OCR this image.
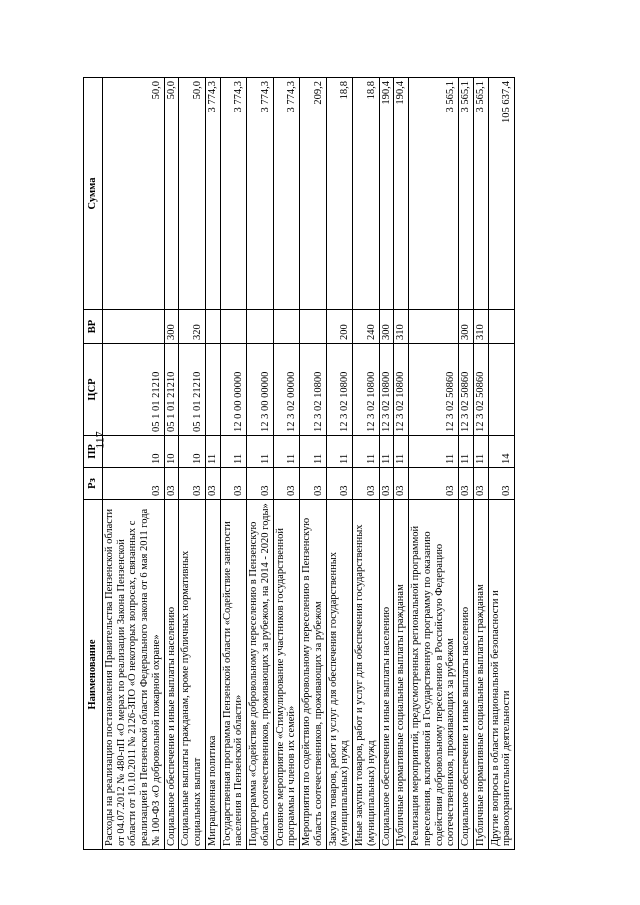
117
Наименование	Рз	ПР	ЦСР	ВР	Сумма
Расходы на реализацию постановления Правительства Пензенской области от 04.07.2012 № 480-пП «О мерах по реализации Закона Пензенской области от 10.10.2011 № 2126-ЗПО «О некоторых вопросах, связанных с реализацией в Пензенской области Федерального закона от 6 мая 2011 года № 100-ФЗ «О добровольной пожарной охране»	03	10	05 1 01 21210		50,0
Социальное обеспечение и иные выплаты населению	03	10	05 1 01 21210	300	50,0
Социальные выплаты гражданам, кроме публичных нормативных социальных выплат	03	10	05 1 01 21210	320	50,0
Миграционная политика	03	11			3 774,3
Государственная программа Пензенской области «Содействие занятости населения в Пензенской области»	03	11	12 0 00 00000		3 774,3
Подпрограмма «Содействие добровольному переселению в Пензенскую область соотечественников, проживающих за рубежом, на 2014 - 2020 годы»	03	11	12 3 00 00000		3 774,3
Основное мероприятие «Стимулирование участников государственной программы и членов их семей»	03	11	12 3 02 00000		3 774,3
Мероприятия по содействию добровольному переселению в Пензенскую область соотечественников, проживающих за рубежом	03	11	12 3 02 10800		209,2
Закупка товаров, работ и услуг для обеспечения государственных (муниципальных) нужд	03	11	12 3 02 10800	200	18,8
Иные закупки товаров, работ и услуг для обеспечения государственных (муниципальных) нужд	03	11	12 3 02 10800	240	18,8
Социальное обеспечение и иные выплаты населению	03	11	12 3 02 10800	300	190,4
Публичные нормативные социальные выплаты гражданам	03	11	12 3 02 10800	310	190,4
Реализация мероприятий, предусмотренных региональной программой переселения, включенной в Государственную программу по оказанию содействия добровольному переселению в Российскую Федерацию соотечественников, проживающих за рубежом	03	11	12 3 02 50860		3 565,1
Социальное обеспечение и иные выплаты населению	03	11	12 3 02 50860	300	3 565,1
Публичные нормативные социальные выплаты гражданам	03	11	12 3 02 50860	310	3 565,1
Другие вопросы в области национальной безопасности и правоохранительной деятельности	03	14			105 637,4
